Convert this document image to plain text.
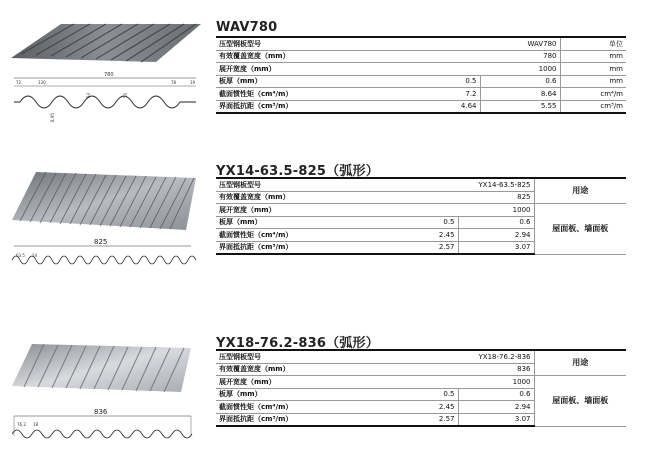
780
72	130	78	19
53	53
8.95
WAV780
压型钢板型号		WAV780	单位
有效覆盖宽度（mm）		780	mm
展开宽度（mm）		1000	mm
板厚（mm）	0.5	0.6	mm
截面惯性矩（cm⁴/m）	7.2	8.64	cm⁴/m
界面抵抗距（cm³/m）	4.64	5.55	cm³/m
825
63.5 14
YX14-63.5-825（弧形）
压型钢板型号		YX14-63.5-825	用途
有效覆盖宽度（mm）		825	
展开宽度（mm）		1000	屋面板、墙面板
板厚（mm）	0.5	0.6	
截面惯性矩（cm⁴/m）	2.45	2.94	
界面抵抗距（cm³/m）	2.57	3.07	
836
76.2 18
YX18-76.2-836（弧形）
压型钢板型号		YX18-76.2-836	用途
有效覆盖宽度（mm）		836	
展开宽度（mm）		1000	屋面板、墙面板
板厚（mm）	0.5	0.6	
截面惯性矩（cm⁴/m）	2.45	2.94	
界面抵抗距（cm³/m）	2.57	3.07	
